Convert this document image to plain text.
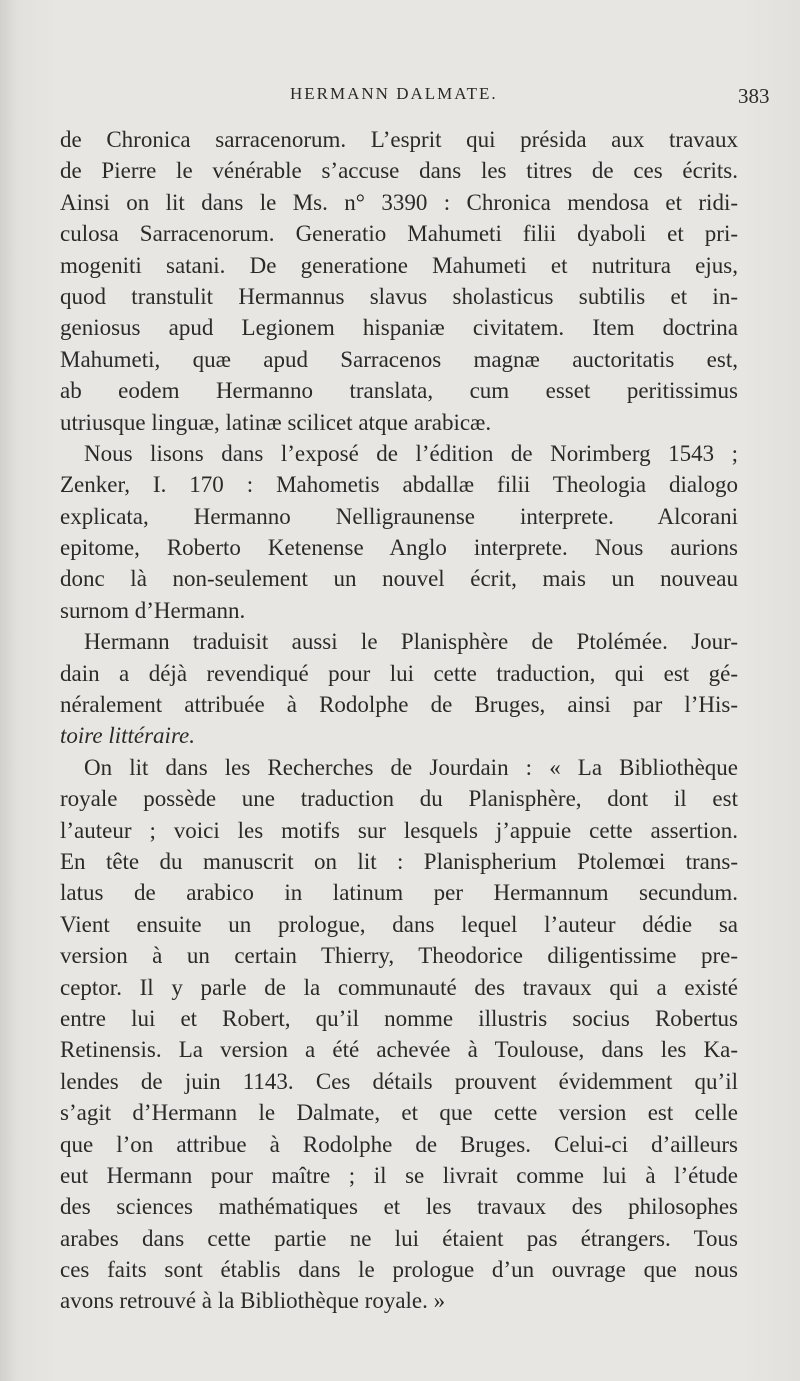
HERMANN DALMATE.	383
de Chronica sarracenorum. L’esprit qui présida aux travaux
de Pierre le vénérable s’accuse dans les titres de ces écrits.
Ainsi on lit dans le Ms. n° 3390 : Chronica mendosa et ridi-
culosa Sarracenorum. Generatio Mahumeti filii dyaboli et pri-
mogeniti satani. De generatione Mahumeti et nutritura ejus,
quod transtulit Hermannus slavus sholasticus subtilis et in-
geniosus apud Legionem hispaniæ civitatem. Item doctrina
Mahumeti, quæ apud Sarracenos magnæ auctoritatis est,
ab eodem Hermanno translata, cum esset peritissimus
utriusque linguæ, latinæ scilicet atque arabicæ.
Nous lisons dans l’exposé de l’édition de Norimberg 1543 ;
Zenker, I. 170 : Mahometis abdallæ filii Theologia dialogo
explicata, Hermanno Nelligraunense interprete. Alcorani
epitome, Roberto Ketenense Anglo interprete. Nous aurions
donc là non-seulement un nouvel écrit, mais un nouveau
surnom d’Hermann.
Hermann traduisit aussi le Planisphère de Ptolémée. Jour-
dain a déjà revendiqué pour lui cette traduction, qui est gé-
néralement attribuée à Rodolphe de Bruges, ainsi par l’His-
toire littéraire.
On lit dans les Recherches de Jourdain : « La Bibliothèque
royale possède une traduction du Planisphère, dont il est
l’auteur ; voici les motifs sur lesquels j’appuie cette assertion.
En tête du manuscrit on lit : Planispherium Ptolemœi trans-
latus de arabico in latinum per Hermannum secundum.
Vient ensuite un prologue, dans lequel l’auteur dédie sa
version à un certain Thierry, Theodorice diligentissime pre-
ceptor. Il y parle de la communauté des travaux qui a existé
entre lui et Robert, qu’il nomme illustris socius Robertus
Retinensis. La version a été achevée à Toulouse, dans les Ka-
lendes de juin 1143. Ces détails prouvent évidemment qu’il
s’agit d’Hermann le Dalmate, et que cette version est celle
que l’on attribue à Rodolphe de Bruges. Celui-ci d’ailleurs
eut Hermann pour maître ; il se livrait comme lui à l’étude
des sciences mathématiques et les travaux des philosophes
arabes dans cette partie ne lui étaient pas étrangers. Tous
ces faits sont établis dans le prologue d’un ouvrage que nous
avons retrouvé à la Bibliothèque royale. »
